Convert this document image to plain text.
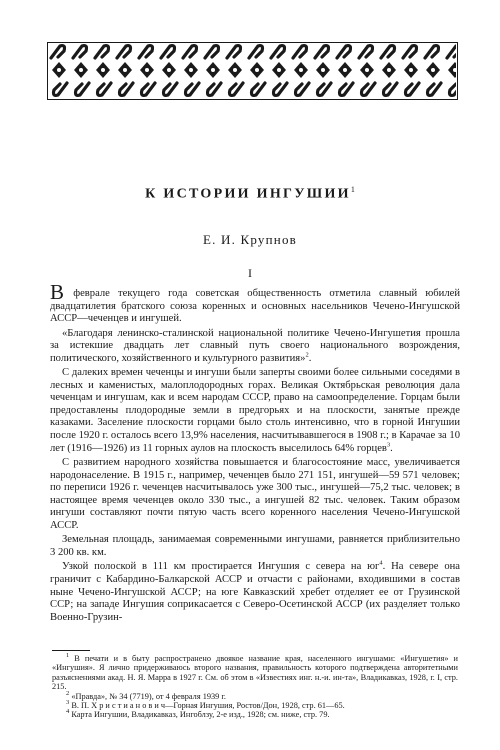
К ИСТОРИИ ИНГУШИИ$^1$
Е. И. Крупнов
I

В феврале текущего года советская общественность отметила славный юбилей двадцатилетия братского союза коренных и основных насельников Чечено-Ингушской АССР—чеченцев и ингушей.

«Благодаря ленинско-сталинской национальной политике Чечено-Ингушетия прошла за истекшие двадцать лет славный путь своего национального возрождения, политического, хозяйственного и культурного развития»$^2$.

С далеких времен чеченцы и ингуши были заперты своими более сильными соседями в лесных и каменистых, малоплодородных горах. Великая Октябрьская революция дала чеченцам и ингушам, как и всем народам СССР, право на самоопределение. Горцам были предоставлены плодородные земли в предгорьях и на плоскости, занятые прежде казаками. Заселение плоскости горцами было столь интенсивно, что в горной Ингушии после 1920 г. осталось всего 13,9% населения, насчитывавшегося в 1908 г.; в Карачае за 10 лет (1916—1926) из 11 горных аулов на плоскость выселилось 64% горцев$^3$.

С развитием народного хозяйства повышается и благосостояние масс, увеличивается народонаселение. В 1915 г., например, чеченцев было 271 151, ингушей—59 571 человек; по переписи 1926 г. чеченцев насчитывалось уже 300 тыс., ингушей—75,2 тыс. человек; в настоящее время чеченцев около 330 тыс., а ингушей 82 тыс. человек. Таким образом ингуши составляют почти пятую часть всего коренного населения Чечено-Ингушской АССР.

Земельная площадь, занимаемая современными ингушами, равняется приблизительно 3 200 кв. км.

Узкой полоской в 111 км простирается Ингушия с севера на $юг^4$. На севере она граничит с Кабардино-Балкарской АССР и отчасти с районами, входившими в состав ныне Чечено-Ингушской АССР; на юге Кавказский хребет отделяет ее от Грузинской ССР; на западе Ингушия соприкасается с Северо-Осетинской АССР (их разделяет только Военно-Грузин-

$^1$ В печати и в быту распространено двоякое название края, населенного ингушами: «Ингушетия» и «Ингушия». Я лично придерживаюсь второго названия, правильность которого подтверждена авторитетными разъяснениями акад. Н. Я. Марра в 1927 г. См. об этом в «Известиях инг. н.-и. ин-та», Владикавказ, 1928, г. I, стр. 215.

$^2$ «Правда», № 34 (7719), от 4 февраля 1939 г.

$^3$ В. П. Х р и с т и а н о в и ч—Горная Ингушия, Ростов/Дон, 1928, стр. 61—65.

$^4$ Карта Ингушии, Владикавказ, Ингоблзу, 2-е изд., 1928; см. ниже, стр. 79.
